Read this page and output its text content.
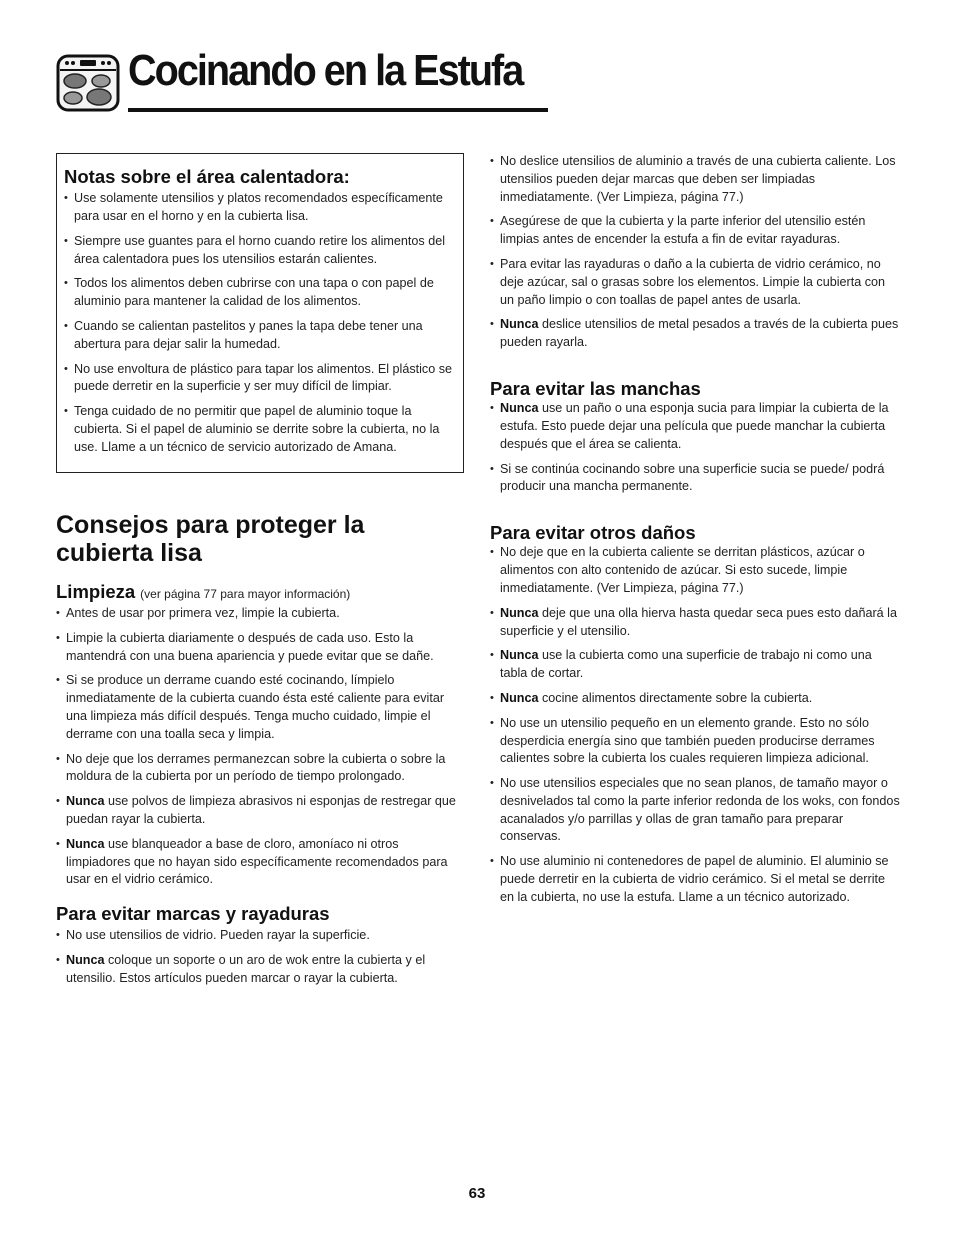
Cocinando en la Estufa
Notas sobre el área calentadora:
• Use solamente utensilios y platos recomendados específicamente para usar en el horno y en la cubierta lisa.
• Siempre use guantes para el horno cuando retire los alimentos del área calentadora pues los utensilios estarán calientes.
• Todos los alimentos deben cubrirse con una tapa o con papel de aluminio para mantener la calidad de los alimentos.
• Cuando se calientan pastelitos y panes la tapa debe tener una abertura para dejar salir la humedad.
• No use envoltura de plástico para tapar los alimentos. El plástico se puede derretir en la superficie y ser muy difícil de limpiar.
• Tenga cuidado de no permitir que papel de aluminio toque la cubierta. Si el papel de aluminio se derrite sobre la cubierta, no la use. Llame a un técnico de servicio autorizado de Amana.
Consejos para proteger la cubierta lisa
Limpieza (ver página 77 para mayor información)
• Antes de usar por primera vez, limpie la cubierta.
• Limpie la cubierta diariamente o después de cada uso. Esto la mantendrá con una buena apariencia y puede evitar que se dañe.
• Si se produce un derrame cuando esté cocinando, límpielo inmediatamente de la cubierta cuando ésta esté caliente para evitar una limpieza más difícil después. Tenga mucho cuidado, limpie el derrame con una toalla seca y limpia.
• No deje que los derrames permanezcan sobre la cubierta o sobre la moldura de la cubierta por un período de tiempo prolongado.
• Nunca use polvos de limpieza abrasivos ni esponjas de restregar que puedan rayar la cubierta.
• Nunca use blanqueador a base de cloro, amoníaco ni otros limpiadores que no hayan sido específicamente recomendados para usar en el vidrio cerámico.
Para evitar marcas y rayaduras
• No use utensilios de vidrio. Pueden rayar la superficie.
• Nunca coloque un soporte o un aro de wok entre la cubierta y el utensilio. Estos artículos pueden marcar o rayar la cubierta.
• No deslice utensilios de aluminio a través de una cubierta caliente. Los utensilios pueden dejar marcas que deben ser limpiadas inmediatamente. (Ver Limpieza, página 77.)
• Asegúrese de que la cubierta y la parte inferior del utensilio estén limpias antes de encender la estufa a fin de evitar rayaduras.
• Para evitar las rayaduras o daño a la cubierta de vidrio cerámico, no deje azúcar, sal o grasas sobre los elementos. Limpie la cubierta con un paño limpio o con toallas de papel antes de usarla.
• Nunca deslice utensilios de metal pesados a través de la cubierta pues pueden rayarla.
Para evitar las manchas
• Nunca use un paño o una esponja sucia para limpiar la cubierta de la estufa. Esto puede dejar una película que puede manchar la cubierta después que el área se calienta.
• Si se continúa cocinando sobre una superficie sucia se puede/ podrá producir una mancha permanente.
Para evitar otros daños
• No deje que en la cubierta caliente se derritan plásticos, azúcar o alimentos con alto contenido de azúcar. Si esto sucede, limpie inmediatamente. (Ver Limpieza, página 77.)
• Nunca deje que una olla hierva hasta quedar seca pues esto dañará la superficie y el utensilio.
• Nunca use la cubierta como una superficie de trabajo ni como una tabla de cortar.
• Nunca cocine alimentos directamente sobre la cubierta.
• No use un utensilio pequeño en un elemento grande. Esto no sólo desperdicia energía sino que también pueden producirse derrames calientes sobre la cubierta los cuales requieren limpieza adicional.
• No use utensilios especiales que no sean planos, de tamaño mayor o desnivelados tal como la parte inferior redonda de los woks, con fondos acanalados y/o parrillas y ollas de gran tamaño para preparar conservas.
• No use aluminio ni contenedores de papel de aluminio. El aluminio se puede derretir en la cubierta de vidrio cerámico. Si el metal se derrite en la cubierta, no use la estufa. Llame a un técnico autorizado.
63
